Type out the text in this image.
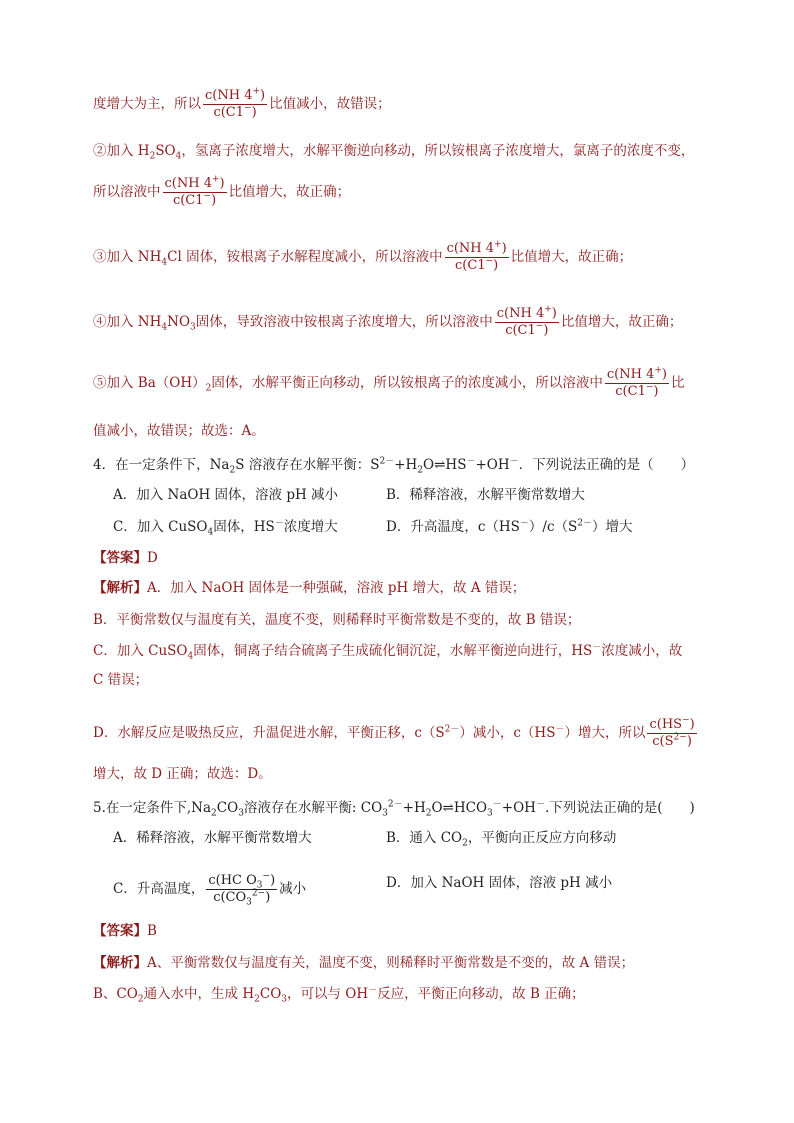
度增大为主，所以 $\frac{c(NH 4^+)}{c(C1^-)}$ 比值减小，故错误；
②加入 $H_2SO_4$，氢离子浓度增大，水解平衡逆向移动，所以铵根离子浓度增大，氯离子的浓度不变，
所以溶液中 $\frac{c(NH 4^+)}{c(C1^-)}$ 比值增大，故正确；
③加入 $NH_4Cl$ 固体，铵根离子水解程度减小，所以溶液中 $\frac{c(NH 4^+)}{c(C1^-)}$ 比值增大，故正确；
④加入 $NH_4NO_3$固体，导致溶液中铵根离子浓度增大，所以溶液中 $\frac{c(NH 4^+)}{c(C1^-)}$ 比值增大，故正确；
⑤加入 $Ba(OH)_2$固体，水解平衡正向移动，所以铵根离子的浓度减小，所以溶液中 $\frac{c(NH 4^+)}{c(C1^-)}$ 比
值减小，故错误；故选：A。
4．在一定条件下，$Na_2S$ 溶液存在水解平衡：$S^{2-}+H_2O\rightleftharpoons HS^-+OH^-$．下列说法正确的是（　　）
A．加入 NaOH 固体，溶液 pH 减小	B．稀释溶液，水解平衡常数增大
C．加入 CuSO$_4$固体，HS－浓度增大	D．升高温度，$c(HS^-)/c(S^{2-})$增大
【答案】D
【解析】A．加入 NaOH 固体是一种强碱，溶液 pH 增大，故 A 错误；
B．平衡常数仅与温度有关，温度不变，则稀释时平衡常数是不变的，故 B 错误；
C．加入 CuSO$_4$固体，铜离子结合硫离子生成硫化铜沉淀，水解平衡逆向进行，HS－浓度减小，故
C 错误；
D．水解反应是吸热反应，升温促进水解，平衡正移，$c(S^{2-})$减小，c（HS－）增大，所以 $\frac{c(HS^-)}{c(S^{2-})}$
增大，故 D 正确；故选：D。
5.在一定条件下$,Na_2CO_3$溶液存在水解平衡: $CO_3^{2-}+H_2O\rightleftharpoons HCO_3^-+OH^-$.下列说法正确的是(　　)
A．稀释溶液，水解平衡常数增大	B．通入 $CO_2$，平衡向正反应方向移动
C．升高温度， $\frac{c(HC O_3^-)}{c(CO_3^{2-})}$ 减小	D．加入 NaOH 固体，溶液 pH 减小
【答案】B
【解析】A、平衡常数仅与温度有关，温度不变，则稀释时平衡常数是不变的，故 A 错误；
B、$CO_2$通入水中，生成 $H_2CO_3$，可以与 OH－反应，平衡正向移动，故 B 正确；
